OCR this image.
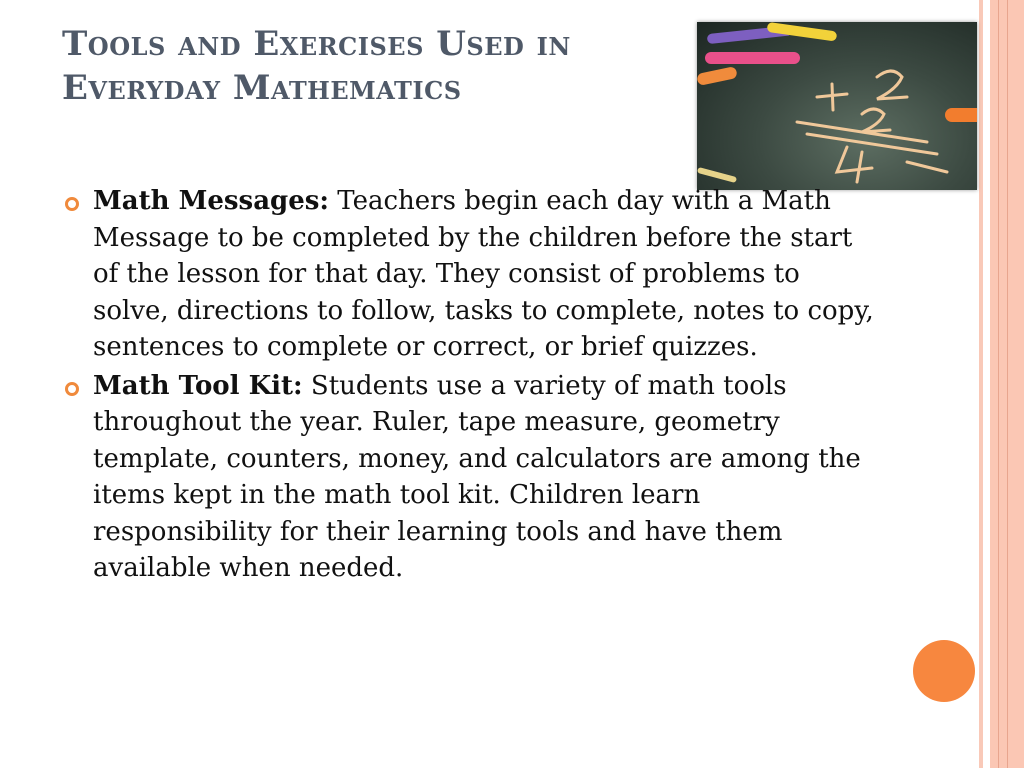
Tools and Exercises Used in Everyday Mathematics
Math Messages: Teachers begin each day with a Math Message to be completed by the children before the start of the lesson for that day. They consist of problems to solve, directions to follow, tasks to complete, notes to copy, sentences to complete or correct, or brief quizzes.
Math Tool Kit: Students use a variety of math tools throughout the year. Ruler, tape measure, geometry template, counters, money, and calculators are among the items kept in the math tool kit. Children learn responsibility for their learning tools and have them available when needed.
